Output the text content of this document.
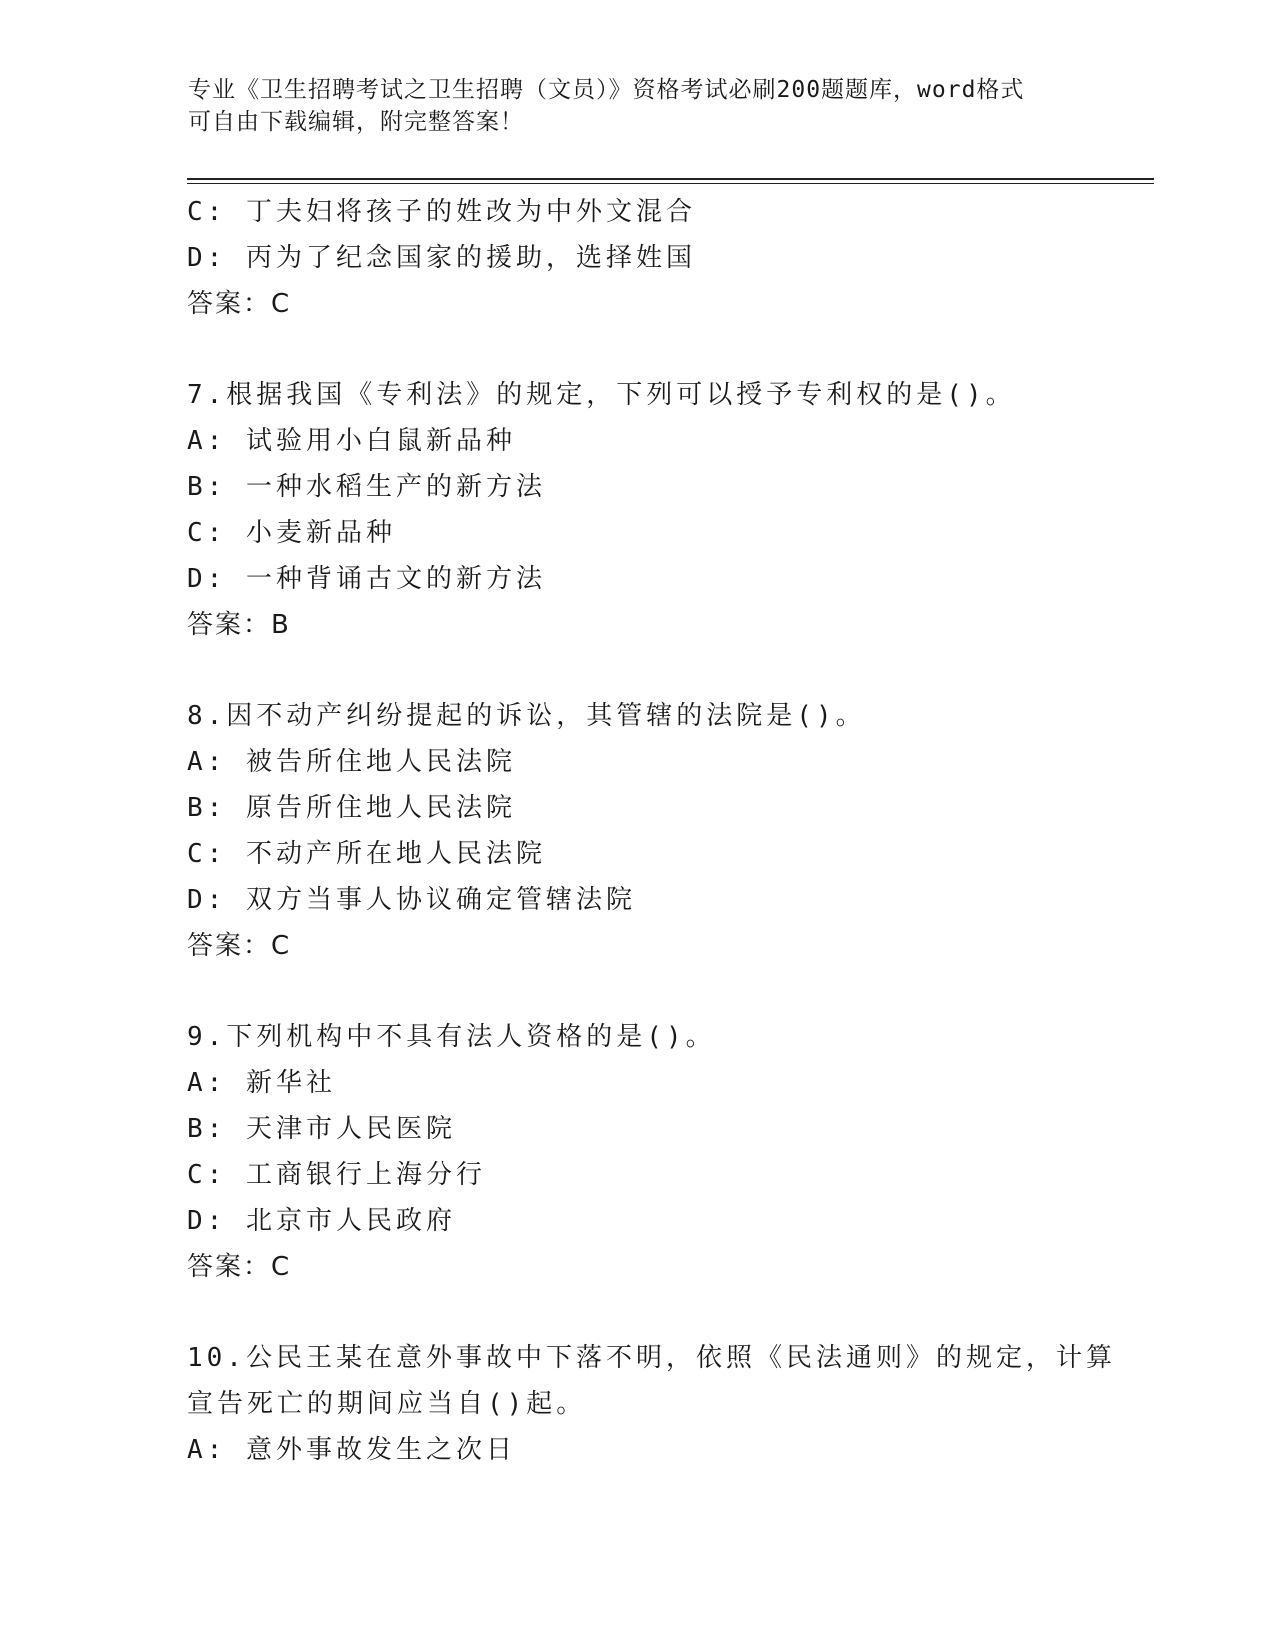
专业《卫生招聘考试之卫生招聘（文员）》资格考试必刷200题题库，word格式
可自由下载编辑，附完整答案！
C: 丁夫妇将孩子的姓改为中外文混合
D: 丙为了纪念国家的援助，选择姓国
答案：C
7.根据我国《专利法》的规定，下列可以授予专利权的是()。
A: 试验用小白鼠新品种
B: 一种水稻生产的新方法
C: 小麦新品种
D: 一种背诵古文的新方法
答案：B
8.因不动产纠纷提起的诉讼，其管辖的法院是()。
A: 被告所住地人民法院
B: 原告所住地人民法院
C: 不动产所在地人民法院
D: 双方当事人协议确定管辖法院
答案：C
9.下列机构中不具有法人资格的是()。
A: 新华社
B: 天津市人民医院
C: 工商银行上海分行
D: 北京市人民政府
答案：C
10.公民王某在意外事故中下落不明，依照《民法通则》的规定，计算
宣告死亡的期间应当自()起。
A: 意外事故发生之次日
